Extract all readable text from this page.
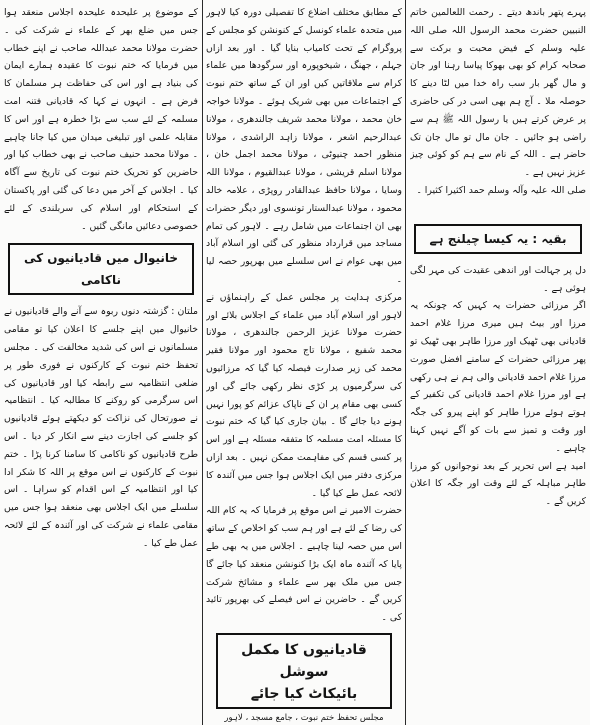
پہرے پتھر باندھ دیتے ۔ رحمت اللعالمین خاتم النبیین حضرت محمد الرسول اللہ صلی اللہ علیہ وسلم کے فیض محبت و برکت سے صحابہ کرام کو بھی بھوکا پیاسا رہنا اور جان و مال گھر بار سب راہ خدا میں لٹا دینے کا حوصلہ ملا ۔ آج ہم بھی اسی در کی حاضری پر عرض کرتے ہیں یا رسول اللہ ﷺ ہم سے راضی ہو جائیں ۔ جان مال تو مال جان تک حاضر ہے ۔ اللہ کے نام سے ہم کو کوئی چیز عزیز نہیں ہے ۔

صلی اللہ علیہ وآلہ وسلم حمد اکثیرا کثیرا ۔

بقیہ : یہ کیسا چیلنج ہے

دل پر جہالت اور اندھی عقیدت کی مہر لگی ہوئی ہے ۔

اگر مرزائی حضرات یہ کہیں کہ چونکہ یہ مرزا اور بیٹ ہیں میری مرزا غلام احمد قادیانی بھی ٹھیک اور مرزا طاہر بھی ٹھیک تو پھر مرزائی حضرات کے سامنے افضل صورت مرزا غلام احمد قادیانی والی ہم نے ہی رکھی ہے اور مرزا غلام احمد قادیانی کی تکفیر کے ہوتے ہوئے مرزا طاہر کو اپنے پیرو کی جگہ اور وقت و تمیز سے بات کو آگے نہیں کہنا چاہیے ۔

امید ہے اس تحریر کے بعد نوجوانوں کو مرزا طاہر مباہلہ کے لئے وقت اور جگہ کا اعلان کریں گے ۔

کے مطابق مختلف اضلاع کا تفصیلی دورہ کیا لاہور میں متحدہ علماء کونسل کے کنونشن کو مجلس کے پروگرام کے تحت کامیاب بنایا گیا ۔ اور بعد ازاں جہلم ، جھنگ ، شیخوپورہ اور سرگودھا میں علماء کرام سے ملاقاتیں کیں اور ان کے ساتھ ختم نبوت کے اجتماعات میں بھی شریک ہوئے ۔ مولانا خواجہ خان محمد ، مولانا محمد شریف جالندھری ، مولانا عبدالرحیم اشعر ، مولانا زاہد الراشدی ، مولانا منظور احمد چنیوٹی ، مولانا محمد اجمل خان ، مولانا اسلم قریشی ، مولانا عبدالقیوم ، مولانا اللہ وسایا ، مولانا حافظ عبدالقادر روپڑی ، علامہ خالد محمود ، مولانا عبدالستار تونسوی اور دیگر حضرات بھی ان اجتماعات میں شامل رہے ۔ لاہور کی تمام مساجد میں قرارداد منظور کی گئی اور اسلام آباد میں بھی عوام نے اس سلسلے میں بھرپور حصہ لیا ۔

مرکزی ہدایت پر مجلس عمل کے راہنماؤں نے لاہور اور اسلام آباد میں علماء کے اجلاس بلائے اور حضرت مولانا عزیز الرحمن جالندھری ، مولانا محمد شفیع ، مولانا تاج محمود اور مولانا فقیر محمد کی زیر صدارت فیصلہ کیا گیا کہ مرزائیوں کی سرگرمیوں پر کڑی نظر رکھی جائے گی اور کسی بھی مقام پر ان کے ناپاک عزائم کو پورا نہیں ہونے دیا جائے گا ۔ بیان جاری کیا گیا کہ ختم نبوت کا مسئلہ امت مسلمہ کا متفقہ مسئلہ ہے اور اس پر کسی قسم کی مفاہمت ممکن نہیں ۔ بعد ازاں مرکزی دفتر میں ایک اجلاس ہوا جس میں آئندہ کا لائحہ عمل طے کیا گیا ۔

حضرت الامیر نے اس موقع پر فرمایا کہ یہ کام اللہ کی رضا کے لئے ہے اور ہم سب کو اخلاص کے ساتھ اس میں حصہ لینا چاہیے ۔ اجلاس میں یہ بھی طے پایا کہ آئندہ ماہ ایک بڑا کنونشن منعقد کیا جائے گا جس میں ملک بھر سے علماء و مشائخ شرکت کریں گے ۔ حاضرین نے اس فیصلے کی بھرپور تائید کی ۔

قادیانیوں کا مکمل سوشل
بائیکاٹ کیا جائے
مجلس تحفظ ختم نبوت ، جامع مسجد ، لاہور

کے موضوع پر علیحدہ علیحدہ اجلاس منعقد ہوا جس میں ضلع بھر کے علماء نے شرکت کی ۔ حضرت مولانا محمد عبداللہ صاحب نے اپنے خطاب میں فرمایا کہ ختم نبوت کا عقیدہ ہمارے ایمان کی بنیاد ہے اور اس کی حفاظت ہر مسلمان کا فرض ہے ۔ انہوں نے کہا کہ قادیانی فتنہ امت مسلمہ کے لئے سب سے بڑا خطرہ ہے اور اس کا مقابلہ علمی اور تبلیغی میدان میں کیا جانا چاہیے ۔ مولانا محمد حنیف صاحب نے بھی خطاب کیا اور حاضرین کو تحریک ختم نبوت کی تاریخ سے آگاہ کیا ۔ اجلاس کے آخر میں دعا کی گئی اور پاکستان کے استحکام اور اسلام کی سربلندی کے لئے خصوصی دعائیں مانگی گئیں ۔

خانیوال میں قادیانیوں کی ناکامی

ملتان : گزشتہ دنوں ربوہ سے آنے والے قادیانیوں نے خانیوال میں اپنے جلسے کا اعلان کیا تو مقامی مسلمانوں نے اس کی شدید مخالفت کی ۔ مجلس تحفظ ختم نبوت کے کارکنوں نے فوری طور پر ضلعی انتظامیہ سے رابطہ کیا اور قادیانیوں کی اس سرگرمی کو روکنے کا مطالبہ کیا ۔ انتظامیہ نے صورتحال کی نزاکت کو دیکھتے ہوئے قادیانیوں کو جلسے کی اجازت دینے سے انکار کر دیا ۔ اس طرح قادیانیوں کو ناکامی کا سامنا کرنا پڑا ۔ ختم نبوت کے کارکنوں نے اس موقع پر اللہ کا شکر ادا کیا اور انتظامیہ کے اس اقدام کو سراہا ۔ اس سلسلے میں ایک اجلاس بھی منعقد ہوا جس میں مقامی علماء نے شرکت کی اور آئندہ کے لئے لائحہ عمل طے کیا ۔
